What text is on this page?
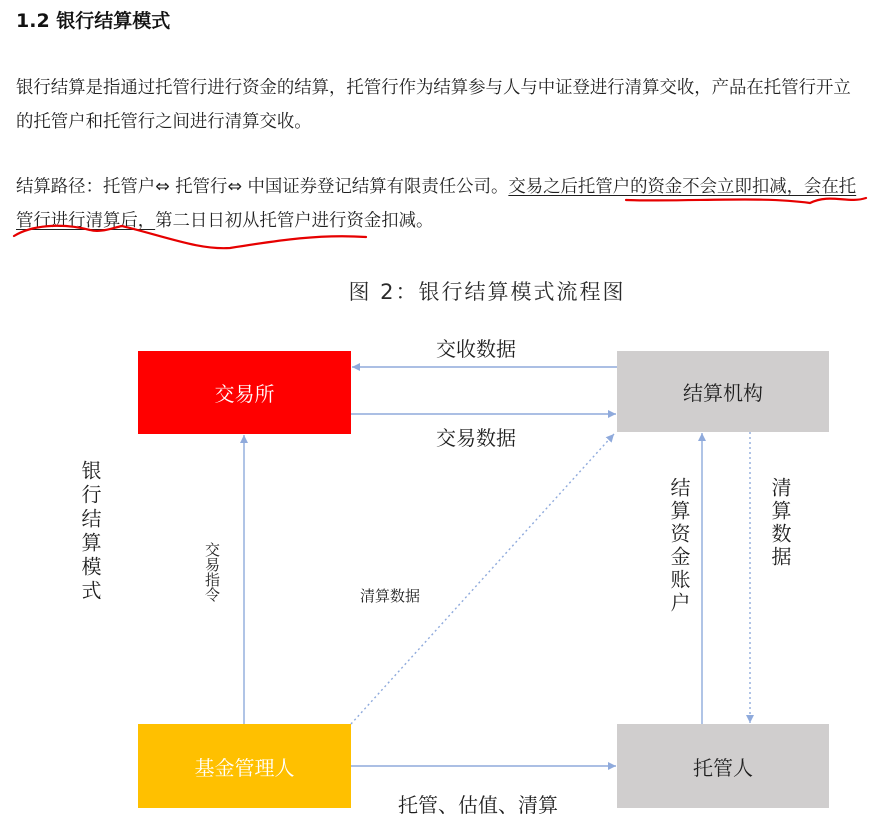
1.2 银行结算模式
银行结算是指通过托管行进行资金的结算，托管行作为结算参与人与中证登进行清算交收，产品在托管行开立的托管户和托管行之间进行清算交收。
结算路径：托管户⇔ 托管行⇔ 中国证券登记结算有限责任公司。交易之后托管户的资金不会立即扣减，会在托管行进行清算后，第二日日初从托管户进行资金扣减。
图 2：银行结算模式流程图
交易所	结算机构
基金管理人	托管人
交收数据
交易数据
交易指令	清算数据	结算资金账户	清算数据
托管、估值、清算
银行结算模式
